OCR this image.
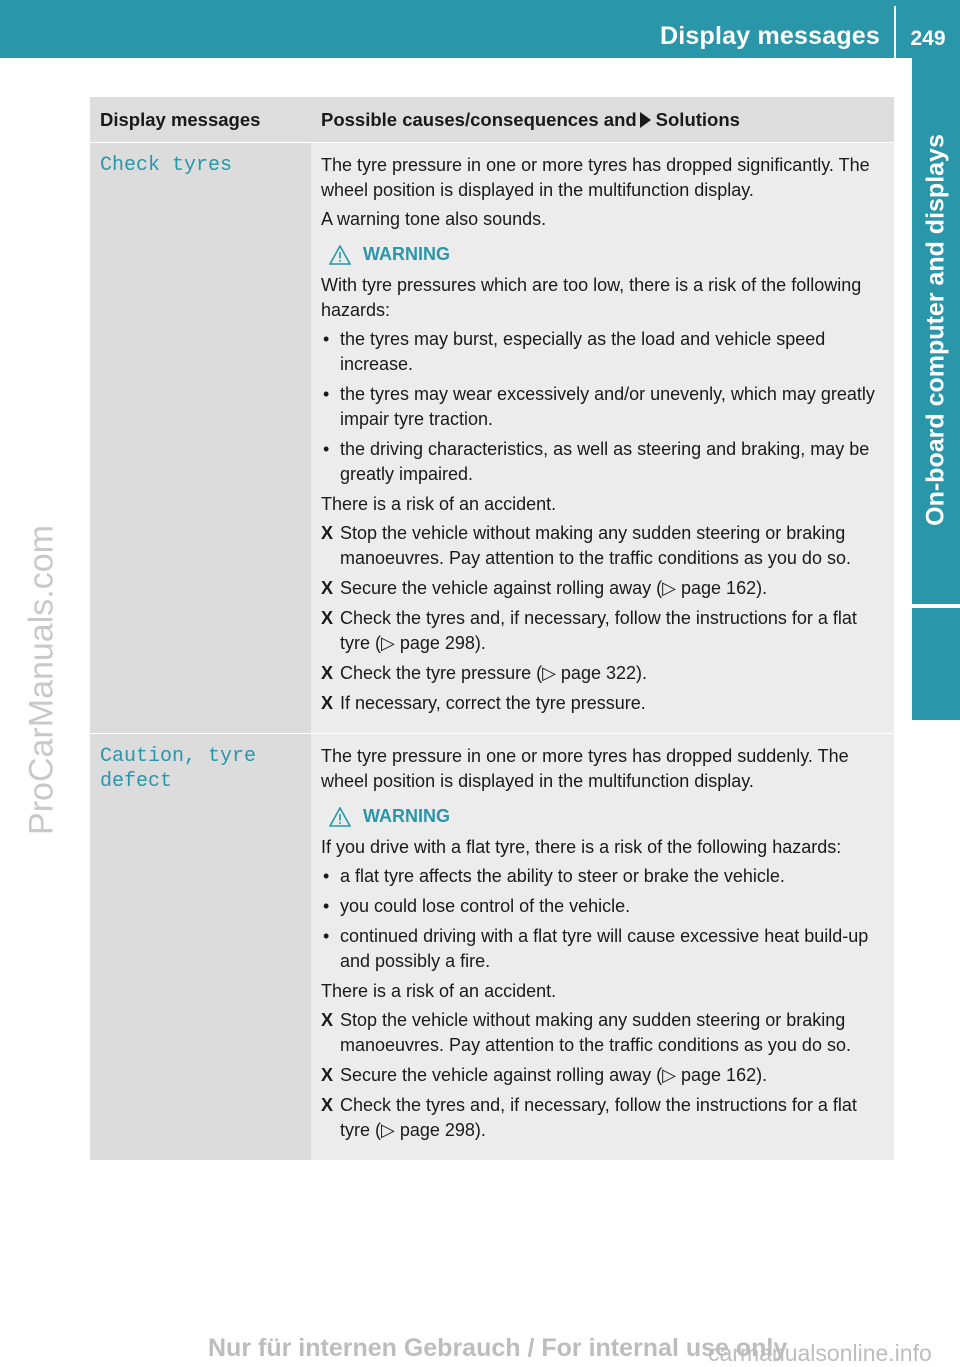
Display messages	249
On-board computer and displays
ProCarManuals.com
Display messages	Possible causes/consequences and Solutions
Check tyres	The tyre pressure in one or more tyres has dropped significantly. The wheel position is displayed in the multifunction display.

A warning tone also sounds.

WARNING

With tyre pressures which are too low, there is a risk of the following hazards:

• the tyres may burst, especially as the load and vehicle speed increase.
• the tyres may wear excessively and/or unevenly, which may greatly impair tyre traction.
• the driving characteristics, as well as steering and braking, may be greatly impaired.

There is a risk of an accident.

X Stop the vehicle without making any sudden steering or braking manoeuvres. Pay attention to the traffic conditions as you do so.
X Secure the vehicle against rolling away (▷ page 162).
X Check the tyres and, if necessary, follow the instructions for a flat tyre (▷ page 298).
X Check the tyre pressure (▷ page 322).
X If necessary, correct the tyre pressure.
Caution, tyre
defect

The tyre pressure in one or more tyres has dropped suddenly. The wheel position is displayed in the multifunction display.

WARNING

If you drive with a flat tyre, there is a risk of the following hazards:

• a flat tyre affects the ability to steer or brake the vehicle.
• you could lose control of the vehicle.
• continued driving with a flat tyre will cause excessive heat build-up and possibly a fire.

There is a risk of an accident.

X Stop the vehicle without making any sudden steering or braking manoeuvres. Pay attention to the traffic conditions as you do so.
X Secure the vehicle against rolling away (▷ page 162).
X Check the tyres and, if necessary, follow the instructions for a flat tyre (▷ page 298).
Nur für internen Gebrauch / For internal use only
carmanualsonline.info
